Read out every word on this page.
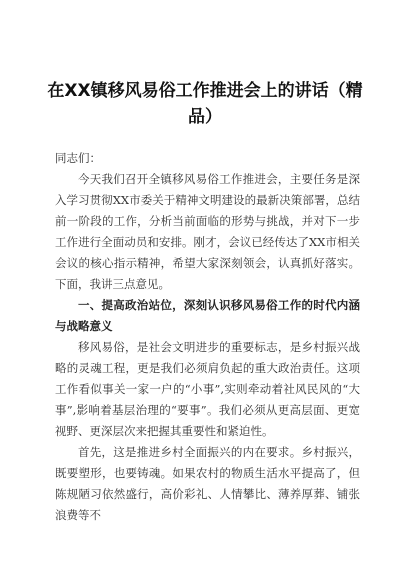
在XX镇移风易俗工作推进会上的讲话（精品）

同志们：

今天我们召开全镇移风易俗工作推进会，主要任务是深入学习贯彻XX市委关于精神文明建设的最新决策部署，总结前一阶段的工作，分析当前面临的形势与挑战，并对下一步工作进行全面动员和安排。刚才，会议已经传达了XX市相关会议的核心指示精神，希望大家深刻领会，认真抓好落实。下面，我讲三点意见。

一、提高政治站位，深刻认识移风易俗工作的时代内涵与战略意义

移风易俗，是社会文明进步的重要标志，是乡村振兴战略的灵魂工程，更是我们必须肩负起的重大政治责任。这项工作看似事关一家一户的“小事”,实则牵动着社风民风的“大事”,影响着基层治理的“要事”。我们必须从更高层面、更宽视野、更深层次来把握其重要性和紧迫性。

首先，这是推进乡村全面振兴的内在要求。乡村振兴，既要塑形，也要铸魂。如果农村的物质生活水平提高了，但陈规陋习依然盛行，高价彩礼、人情攀比、薄养厚葬、铺张浪费等不
